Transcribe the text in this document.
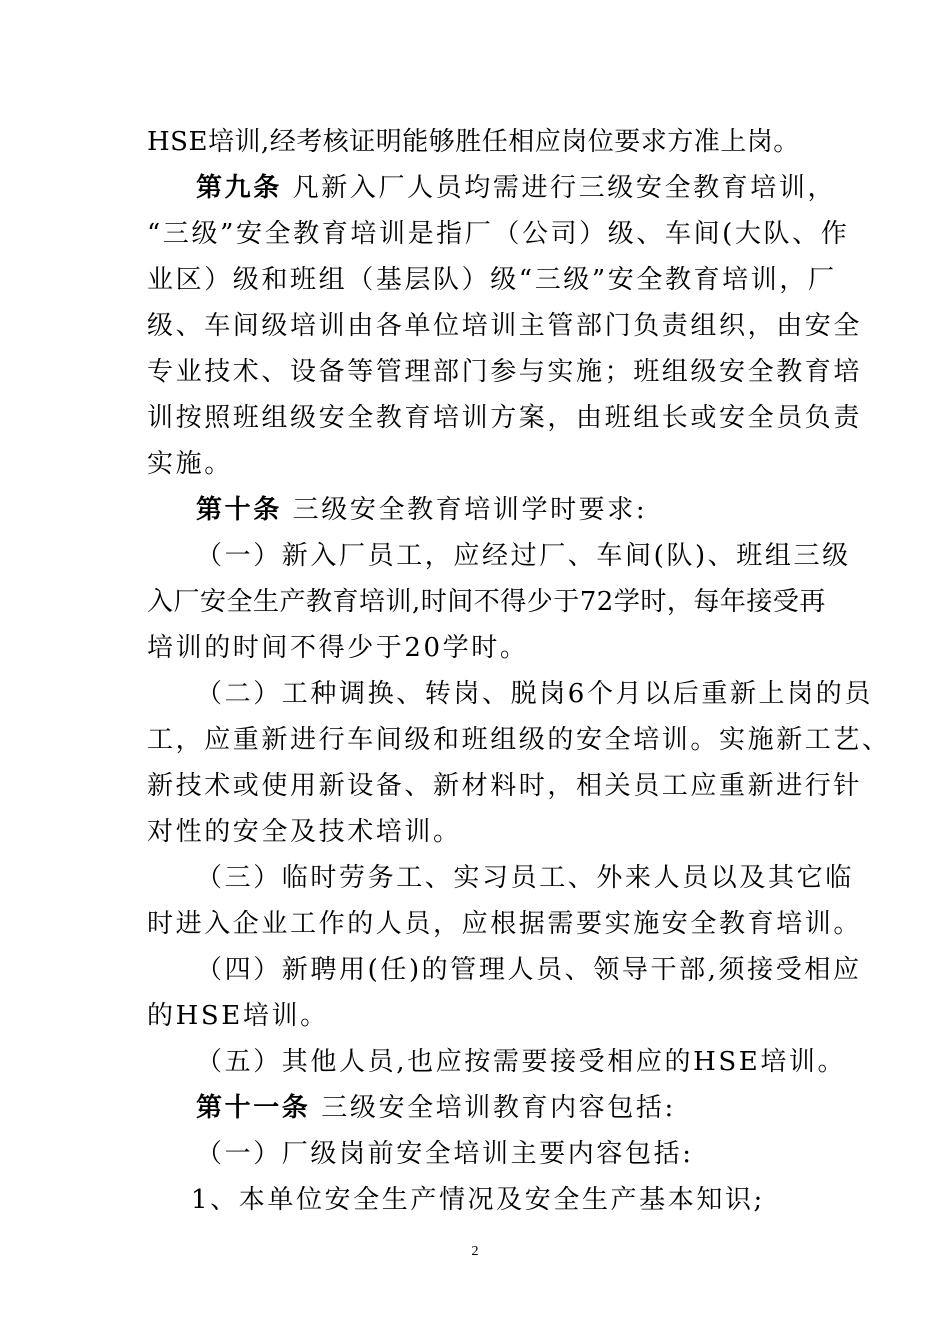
HSE培训,经考核证明能够胜任相应岗位要求方准上岗。
第九条 凡新入厂人员均需进行三级安全教育培训，
“三级”安全教育培训是指厂（公司）级、车间(大队、作
业区）级和班组（基层队）级“三级”安全教育培训，厂
级、车间级培训由各单位培训主管部门负责组织，由安全
专业技术、设备等管理部门参与实施；班组级安全教育培
训按照班组级安全教育培训方案，由班组长或安全员负责
实施。
第十条 三级安全教育培训学时要求:
（一）新入厂员工，应经过厂、车间(队)、班组三级
入厂安全生产教育培训,时间不得少于72学时，每年接受再
培训的时间不得少于20学时。
（二）工种调换、转岗、脱岗6个月以后重新上岗的员
工，应重新进行车间级和班组级的安全培训。实施新工艺、
新技术或使用新设备、新材料时，相关员工应重新进行针
对性的安全及技术培训。
（三）临时劳务工、实习员工、外来人员以及其它临
时进入企业工作的人员，应根据需要实施安全教育培训。
（四）新聘用(任)的管理人员、领导干部,须接受相应
的HSE培训。
（五）其他人员,也应按需要接受相应的HSE培训。
第十一条 三级安全培训教育内容包括:
（一）厂级岗前安全培训主要内容包括:
1、本单位安全生产情况及安全生产基本知识;
2
